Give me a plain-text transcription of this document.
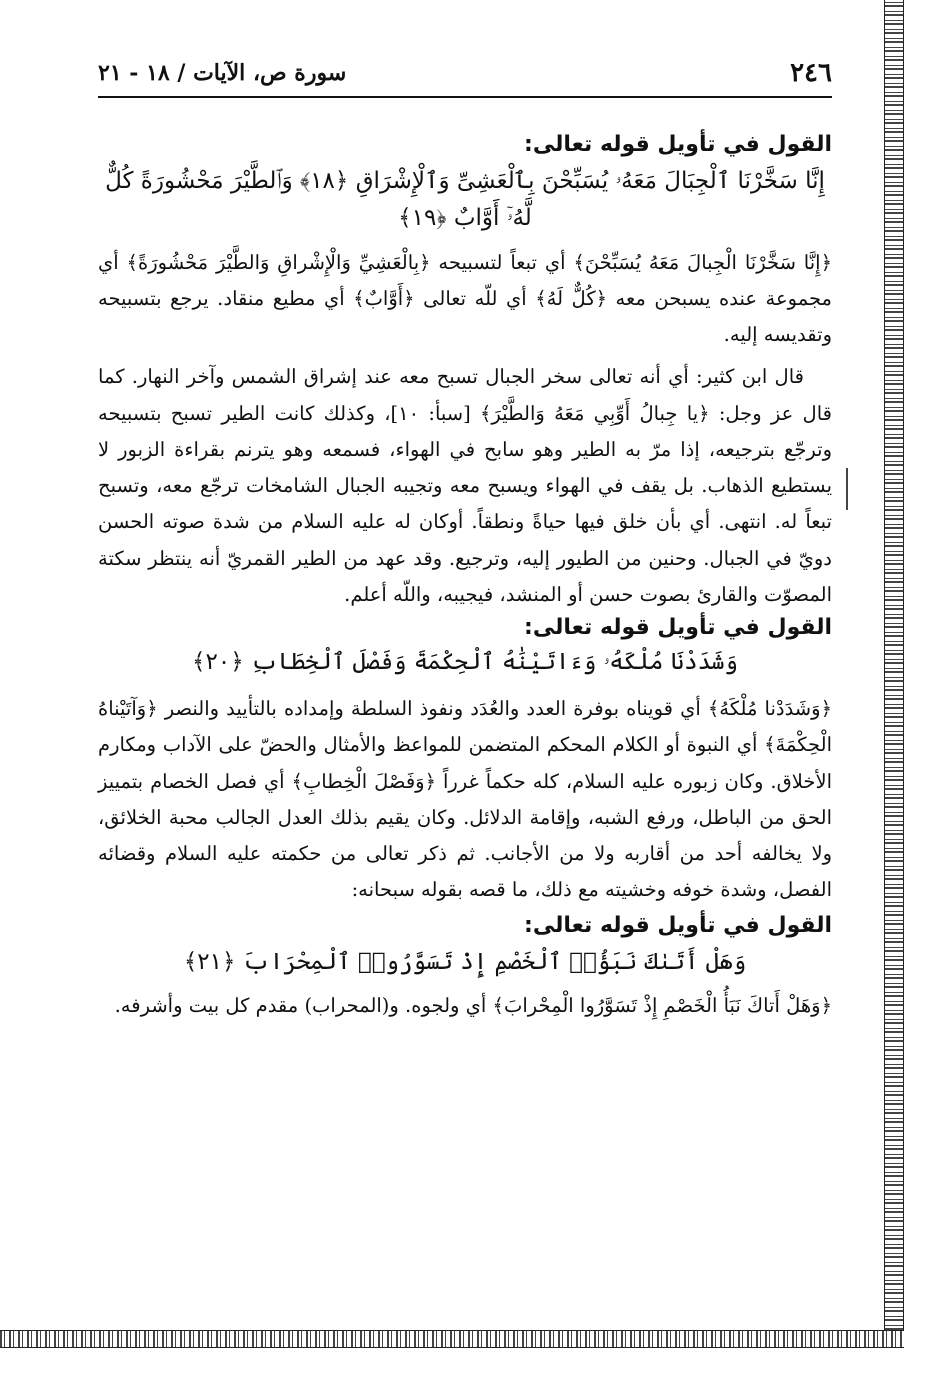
٢٤٦
سورة ص، الآيات / ١٨ - ٢١

القول في تأويل قوله تعالى:

إِنَّا سَخَّرْنَا ٱلْجِبَالَ مَعَهُۥ يُسَبِّحْنَ بِٱلْعَشِىِّ وَٱلْإِشْرَاقِ ﴿١٨﴾ وَٱلطَّيْرَ مَحْشُورَةً كُلٌّ لَّهُۥٓ أَوَّابٌ ﴿١٩﴾

﴿إِنَّا سَخَّرْنَا الْجِبالَ مَعَهُ يُسَبِّحْنَ﴾ أي تبعاً لتسبيحه ﴿بِالْعَشِيِّ وَالْإِشْراقِ وَالطَّيْرَ مَحْشُورَةً﴾ أي مجموعة عنده يسبحن معه ﴿كُلٌّ لَهُ﴾ أي للّه تعالى ﴿أَوَّابٌ﴾ أي مطيع منقاد. يرجع بتسبيحه وتقديسه إليه.

قال ابن كثير: أي أنه تعالى سخر الجبال تسبح معه عند إشراق الشمس وآخر النهار. كما قال عز وجل: ﴿يا جِبالُ أَوِّبِي مَعَهُ وَالطَّيْرَ﴾ [سبأ: ١٠]، وكذلك كانت الطير تسبح بتسبيحه وترجّع بترجيعه، إذا مرّ به الطير وهو سابح في الهواء، فسمعه وهو يترنم بقراءة الزبور لا يستطيع الذهاب. بل يقف في الهواء ويسبح معه وتجيبه الجبال الشامخات ترجّع معه، وتسبح تبعاً له. انتهى. أي بأن خلق فيها حياةً ونطقاً. أوكان له عليه السلام من شدة صوته الحسن دويّ في الجبال. وحنين من الطيور إليه، وترجيع. وقد عهد من الطير القمريّ أنه ينتظر سكتة المصوّت والقارئ بصوت حسن أو المنشد، فيجيبه، واللّه أعلم.

القول في تأويل قوله تعالى:

وَشَدَدْنَا مُلْكَهُۥ وَءَاتَيْنَٰهُ ٱلْحِكْمَةَ وَفَصْلَ ٱلْخِطَابِ ﴿٢٠﴾

﴿وَشَدَدْنا مُلْكَهُ﴾ أي قويناه بوفرة العدد والعُدَد ونفوذ السلطة وإمداده بالتأييد والنصر ﴿وَآتَيْناهُ الْحِكْمَةَ﴾ أي النبوة أو الكلام المحكم المتضمن للمواعظ والأمثال والحضّ على الآداب ومكارم الأخلاق. وكان زبوره عليه السلام، كله حكماً غرراً ﴿وَفَصْلَ الْخِطابِ﴾ أي فصل الخصام بتمييز الحق من الباطل، ورفع الشبه، وإقامة الدلائل. وكان يقيم بذلك العدل الجالب محبة الخلائق، ولا يخالفه أحد من أقاربه ولا من الأجانب. ثم ذكر تعالى من حكمته عليه السلام وقضائه الفصل، وشدة خوفه وخشيته مع ذلك، ما قصه بقوله سبحانه:

القول في تأويل قوله تعالى:

وَهَلْ أَتَىٰكَ نَبَؤُا۟ ٱلْخَصْمِ إِذْ تَسَوَّرُوا۟ ٱلْمِحْرَابَ ﴿٢١﴾

﴿وَهَلْ أَتاكَ نَبَأُ الْخَصْمِ إِذْ تَسَوَّرُوا الْمِحْرابَ﴾ أي ولجوه. و(المحراب) مقدم كل بيت وأشرفه.
